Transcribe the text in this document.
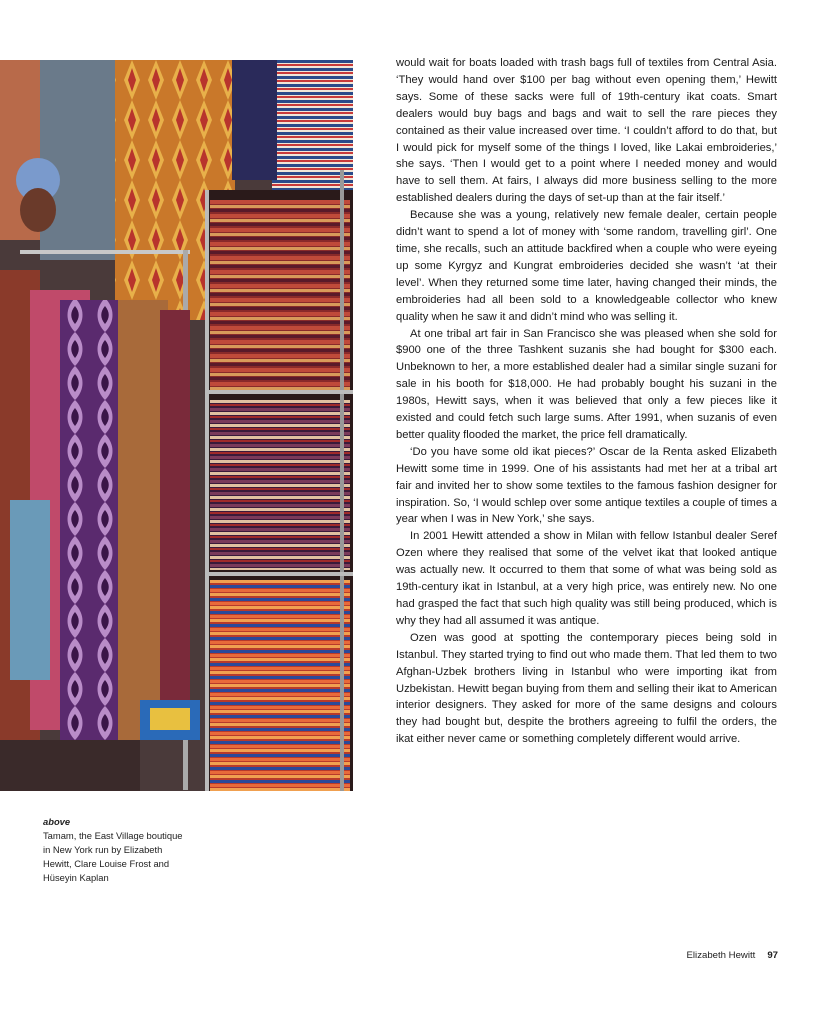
above
Tamam, the East Village boutique in New York run by Elizabeth Hewitt, Clare Louise Frost and Hüseyin Kaplan

would wait for boats loaded with trash bags full of textiles from Central Asia. ‘They would hand over $100 per bag without even opening them,’ Hewitt says. Some of these sacks were full of 19th-century ikat coats. Smart dealers would buy bags and bags and wait to sell the rare pieces they contained as their value increased over time. ‘I couldn’t afford to do that, but I would pick for myself some of the things I loved, like Lakai embroideries,’ she says. ‘Then I would get to a point where I needed money and would have to sell them. At fairs, I always did more business selling to the more established dealers during the days of set-up than at the fair itself.’

Because she was a young, relatively new female dealer, certain people didn’t want to spend a lot of money with ‘some random, travelling girl’. One time, she recalls, such an attitude backfired when a couple who were eyeing up some Kyrgyz and Kungrat embroideries decided she wasn’t ‘at their level’. When they returned some time later, having changed their minds, the embroideries had all been sold to a knowledgeable collector who knew quality when he saw it and didn’t mind who was selling it.

At one tribal art fair in San Francisco she was pleased when she sold for $900 one of the three Tashkent suzanis she had bought for $300 each. Unbeknown to her, a more established dealer had a similar single suzani for sale in his booth for $18,000. He had probably bought his suzani in the 1980s, Hewitt says, when it was believed that only a few pieces like it existed and could fetch such large sums. After 1991, when suzanis of even better quality flooded the market, the price fell dramatically.

‘Do you have some old ikat pieces?’ Oscar de la Renta asked Elizabeth Hewitt some time in 1999. One of his assistants had met her at a tribal art fair and invited her to show some textiles to the famous fashion designer for inspiration. So, ‘I would schlep over some antique textiles a couple of times a year when I was in New York,’ she says.

In 2001 Hewitt attended a show in Milan with fellow Istanbul dealer Seref Ozen where they realised that some of the velvet ikat that looked antique was actually new. It occurred to them that some of what was being sold as 19th-century ikat in Istanbul, at a very high price, was entirely new. No one had grasped the fact that such high quality was still being produced, which is why they had all assumed it was antique.

Ozen was good at spotting the contemporary pieces being sold in Istanbul. They started trying to find out who made them. That led them to two Afghan-Uzbek brothers living in Istanbul who were importing ikat from Uzbekistan. Hewitt began buying from them and selling their ikat to American interior designers. They asked for more of the same designs and colours they had bought but, despite the brothers agreeing to fulfil the orders, the ikat either never came or something completely different would arrive.

Elizabeth Hewitt 97
